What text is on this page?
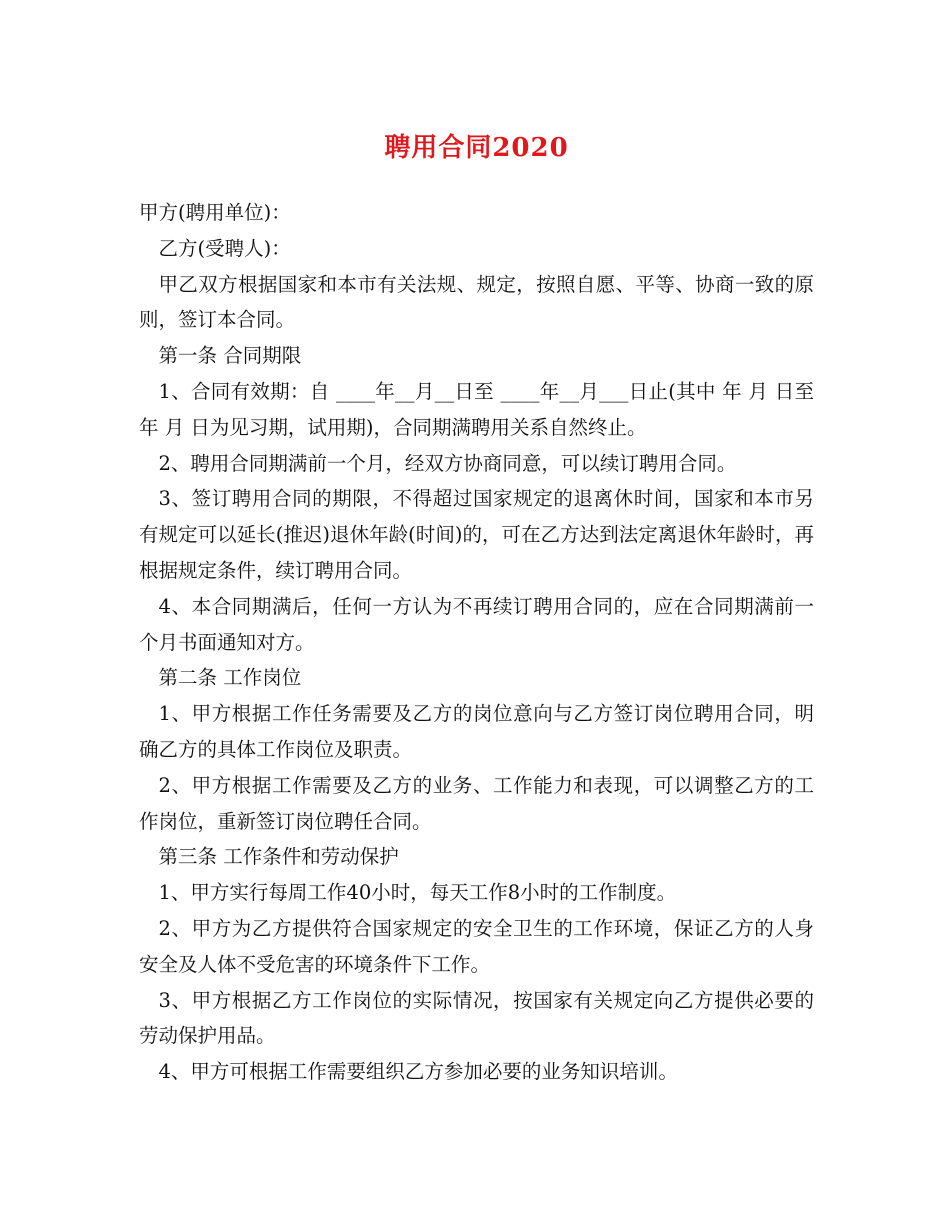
聘用合同2020

甲方(聘用单位)：

乙方(受聘人)：

甲乙双方根据国家和本市有关法规、规定，按照自愿、平等、协商一致的原则，签订本合同。

第一条 合同期限

1、合同有效期：自 ____年__月__日至 ____年__月___日止(其中 年 月 日至 年 月 日为见习期，试用期)，合同期满聘用关系自然终止。

2、聘用合同期满前一个月，经双方协商同意，可以续订聘用合同。

3、签订聘用合同的期限，不得超过国家规定的退离休时间，国家和本市另有规定可以延长(推迟)退休年龄(时间)的，可在乙方达到法定离退休年龄时，再根据规定条件，续订聘用合同。

4、本合同期满后，任何一方认为不再续订聘用合同的，应在合同期满前一个月书面通知对方。

第二条 工作岗位

1、甲方根据工作任务需要及乙方的岗位意向与乙方签订岗位聘用合同，明确乙方的具体工作岗位及职责。

2、甲方根据工作需要及乙方的业务、工作能力和表现，可以调整乙方的工作岗位，重新签订岗位聘任合同。

第三条 工作条件和劳动保护

1、甲方实行每周工作40小时，每天工作8小时的工作制度。

2、甲方为乙方提供符合国家规定的安全卫生的工作环境，保证乙方的人身安全及人体不受危害的环境条件下工作。

3、甲方根据乙方工作岗位的实际情况，按国家有关规定向乙方提供必要的劳动保护用品。

4、甲方可根据工作需要组织乙方参加必要的业务知识培训。
